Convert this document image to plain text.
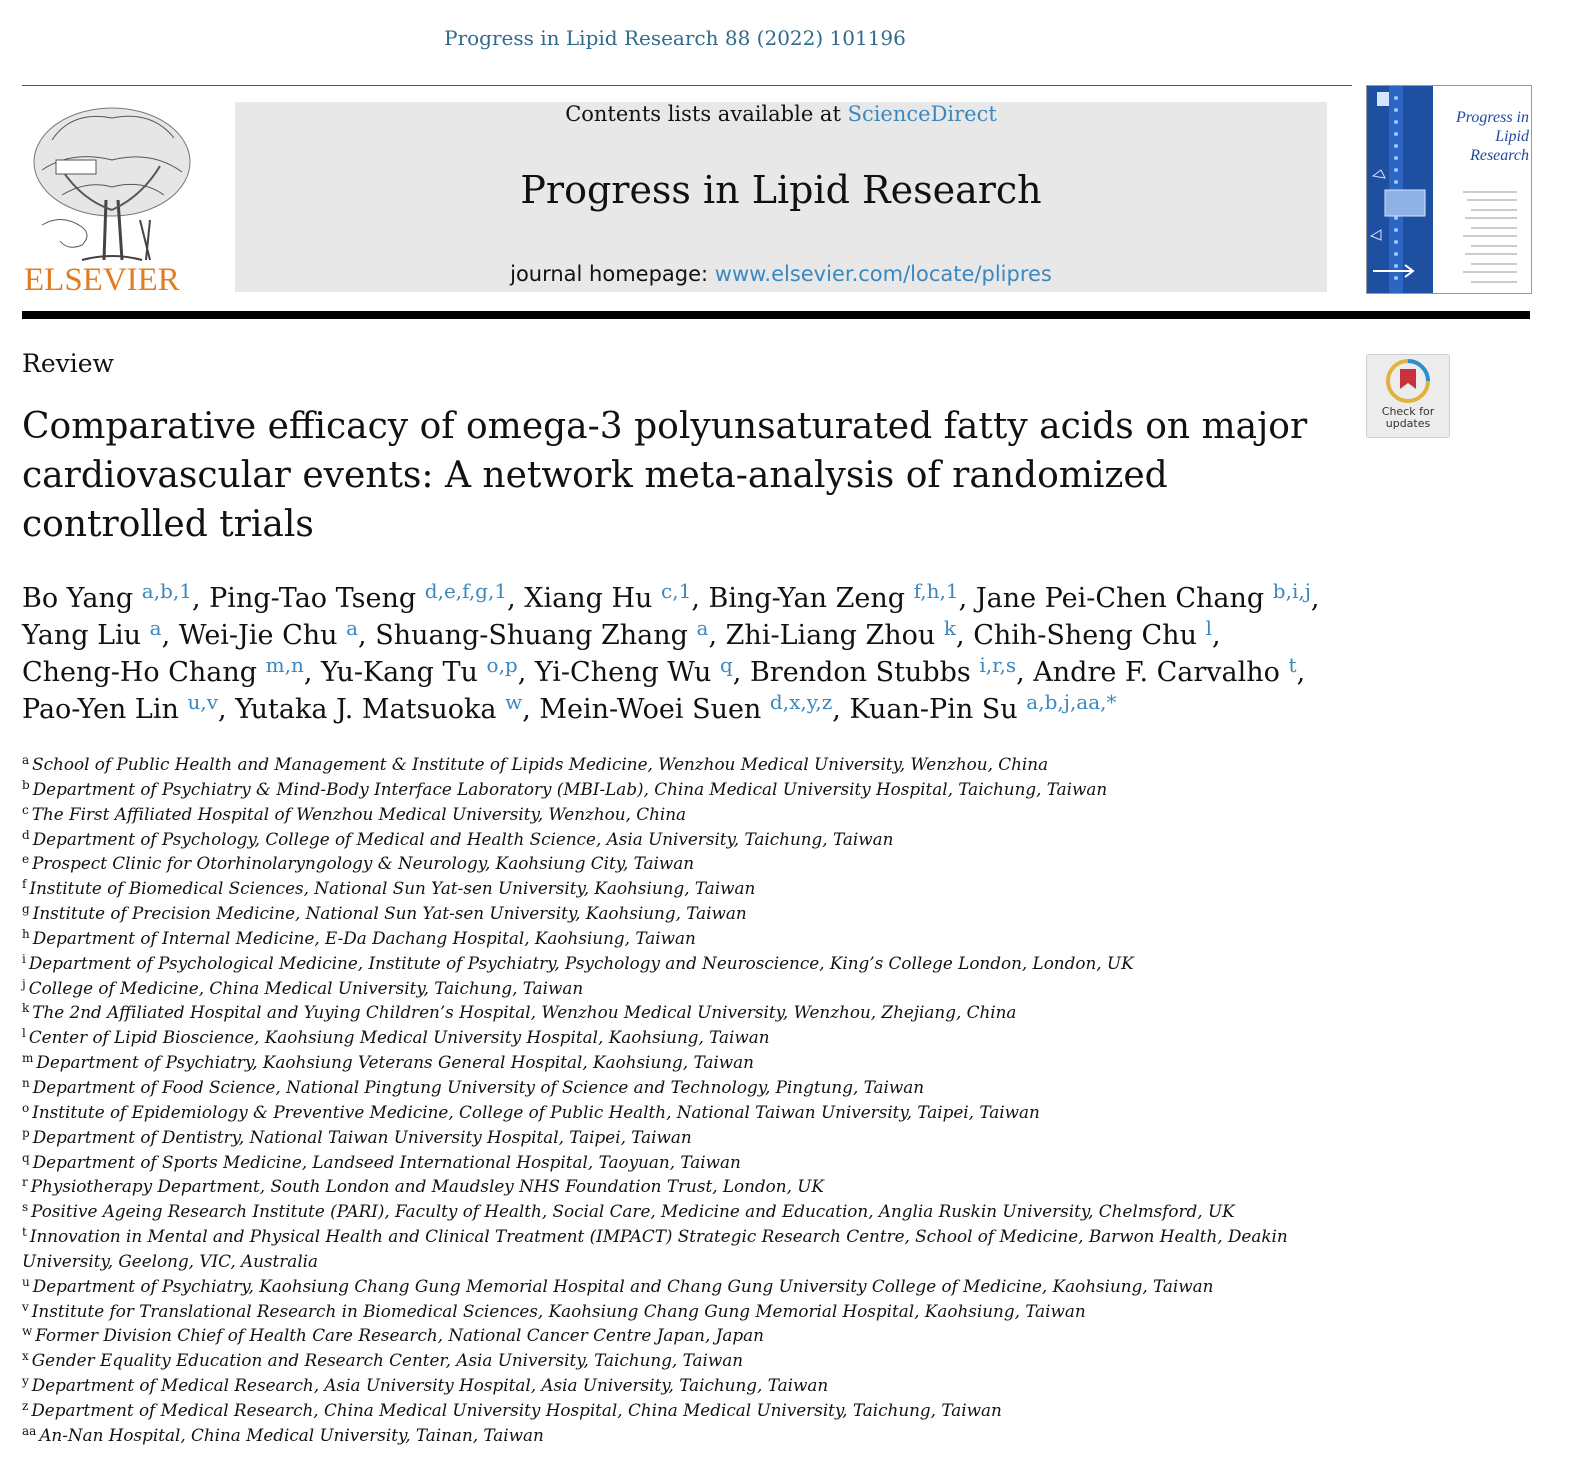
Progress in Lipid Research 88 (2022) 101196
ELSEVIER
Contents lists available at ScienceDirect
Progress in Lipid Research
journal homepage: www.elsevier.com/locate/plipres
Progress in Lipid Research
Review
Check for updates
Comparative efficacy of omega-3 polyunsaturated fatty acids on major cardiovascular events: A network meta-analysis of randomized controlled trials
Bo Yang $^{a,b,1}$, Ping-Tao Tseng $^{d,e,f,g,1}$, Xiang Hu $^{c,1}$, Bing-Yan Zeng $^{f,h,1}$, Jane Pei-Chen Chang $^{b,i,j}$, Yang Liu $^a$, Wei-Jie Chu $^a$, Shuang-Shuang Zhang $^a$, Zhi-Liang Zhou $^k$, Chih-Sheng Chu $^l$, Cheng-Ho Chang $^{m,n}$, Yu-Kang Tu $^{o,p}$, Yi-Cheng Wu $^q$, Brendon Stubbs $^{i,r,s}$, Andre F. Carvalho $^t$, Pao-Yen Lin $^{u,v}$, Yutaka J. Matsuoka $^w$, Mein-Woei Suen $^{d,x,y,z}$, Kuan-Pin Su $^{a,b,j,aa,*}$
$^a$ School of Public Health and Management & Institute of Lipids Medicine, Wenzhou Medical University, Wenzhou, China
$^b$ Department of Psychiatry & Mind-Body Interface Laboratory (MBI-Lab), China Medical University Hospital, Taichung, Taiwan
$^c$ The First Affiliated Hospital of Wenzhou Medical University, Wenzhou, China
$^d$ Department of Psychology, College of Medical and Health Science, Asia University, Taichung, Taiwan
$^e$ Prospect Clinic for Otorhinolaryngology & Neurology, Kaohsiung City, Taiwan
$^f$ Institute of Biomedical Sciences, National Sun Yat-sen University, Kaohsiung, Taiwan
$^g$ Institute of Precision Medicine, National Sun Yat-sen University, Kaohsiung, Taiwan
$^h$ Department of Internal Medicine, E-Da Dachang Hospital, Kaohsiung, Taiwan
$^i$ Department of Psychological Medicine, Institute of Psychiatry, Psychology and Neuroscience, King’s College London, London, UK
$^j$ College of Medicine, China Medical University, Taichung, Taiwan
$^k$ The 2nd Affiliated Hospital and Yuying Children’s Hospital, Wenzhou Medical University, Wenzhou, Zhejiang, China
$^l$ Center of Lipid Bioscience, Kaohsiung Medical University Hospital, Kaohsiung, Taiwan
$^m$ Department of Psychiatry, Kaohsiung Veterans General Hospital, Kaohsiung, Taiwan
$^n$ Department of Food Science, National Pingtung University of Science and Technology, Pingtung, Taiwan
$^o$ Institute of Epidemiology & Preventive Medicine, College of Public Health, National Taiwan University, Taipei, Taiwan
$^p$ Department of Dentistry, National Taiwan University Hospital, Taipei, Taiwan
$^q$ Department of Sports Medicine, Landseed International Hospital, Taoyuan, Taiwan
$^r$ Physiotherapy Department, South London and Maudsley NHS Foundation Trust, London, UK
$^s$ Positive Ageing Research Institute (PARI), Faculty of Health, Social Care, Medicine and Education, Anglia Ruskin University, Chelmsford, UK
$^t$ Innovation in Mental and Physical Health and Clinical Treatment (IMPACT) Strategic Research Centre, School of Medicine, Barwon Health, Deakin University, Geelong, VIC, Australia
$^u$ Department of Psychiatry, Kaohsiung Chang Gung Memorial Hospital and Chang Gung University College of Medicine, Kaohsiung, Taiwan
$^v$ Institute for Translational Research in Biomedical Sciences, Kaohsiung Chang Gung Memorial Hospital, Kaohsiung, Taiwan
$^w$ Former Division Chief of Health Care Research, National Cancer Centre Japan, Japan
$^x$ Gender Equality Education and Research Center, Asia University, Taichung, Taiwan
$^y$ Department of Medical Research, Asia University Hospital, Asia University, Taichung, Taiwan
$^z$ Department of Medical Research, China Medical University Hospital, China Medical University, Taichung, Taiwan
$^{aa}$ An-Nan Hospital, China Medical University, Tainan, Taiwan
